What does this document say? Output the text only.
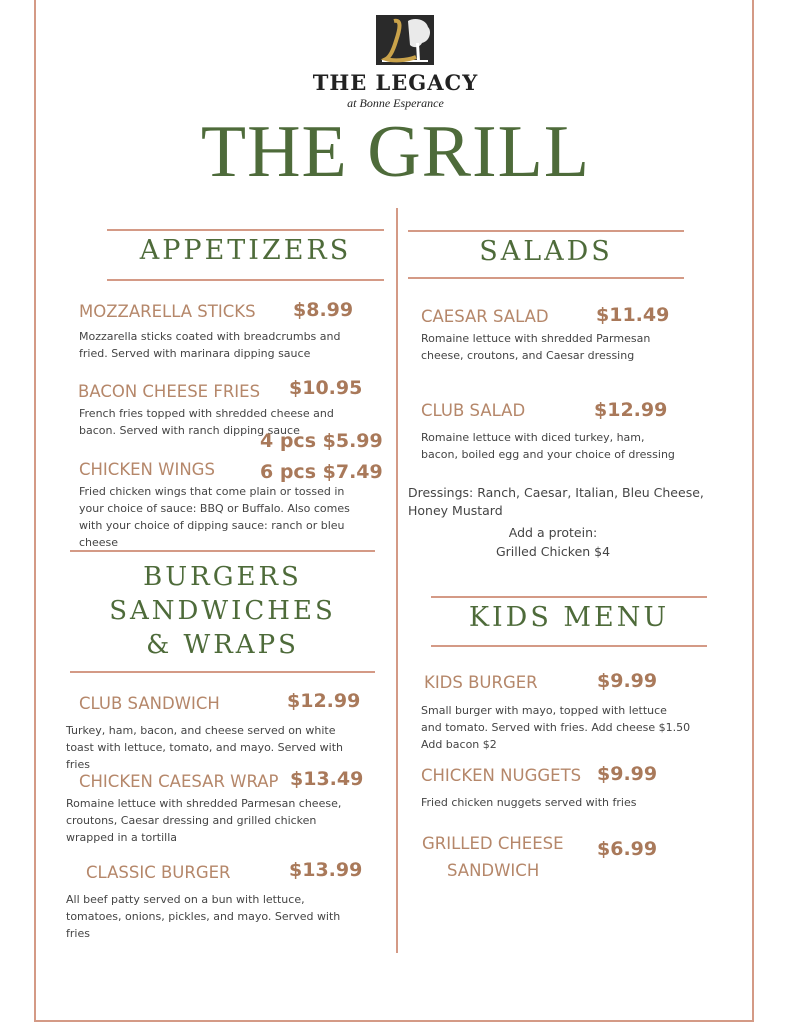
THE LEGACY
at Bonne Esperance
THE GRILL
APPETIZERS
MOZZARELLA STICKS $8.99
Mozzarella sticks coated with breadcrumbs and fried. Served with marinara dipping sauce
BACON CHEESE FRIES $10.95
French fries topped with shredded cheese and bacon. Served with ranch dipping sauce
4 pcs $5.99
CHICKEN WINGS 6 pcs $7.49
Fried chicken wings that come plain or tossed in your choice of sauce: BBQ or Buffalo. Also comes with your choice of dipping sauce: ranch or bleu cheese
BURGERS
SANDWICHES
& WRAPS
CLUB SANDWICH	$12.99
Turkey, ham, bacon, and cheese served on white toast with lettuce, tomato, and mayo. Served with fries
CHICKEN CAESAR WRAP $13.49
Romaine lettuce with shredded Parmesan cheese, croutons, Caesar dressing and grilled chicken wrapped in a tortilla
CLASSIC BURGER	$13.99
All beef patty served on a bun with lettuce, tomatoes, onions, pickles, and mayo. Served with fries
SALADS
CAESAR SALAD $11.49
Romaine lettuce with shredded Parmesan cheese, croutons, and Caesar dressing
CLUB SALAD	$12.99
Romaine lettuce with diced turkey, ham, bacon, boiled egg and your choice of dressing
Dressings: Ranch, Caesar, Italian, Bleu Cheese, Honey Mustard
Add a protein:
Grilled Chicken $4
KIDS MENU
KIDS BURGER	$9.99
Small burger with mayo, topped with lettuce and tomato. Served with fries. Add cheese $1.50 Add bacon $2
CHICKEN NUGGETS $9.99
Fried chicken nuggets served with fries
GRILLED CHEESE
SANDWICH
$6.99
